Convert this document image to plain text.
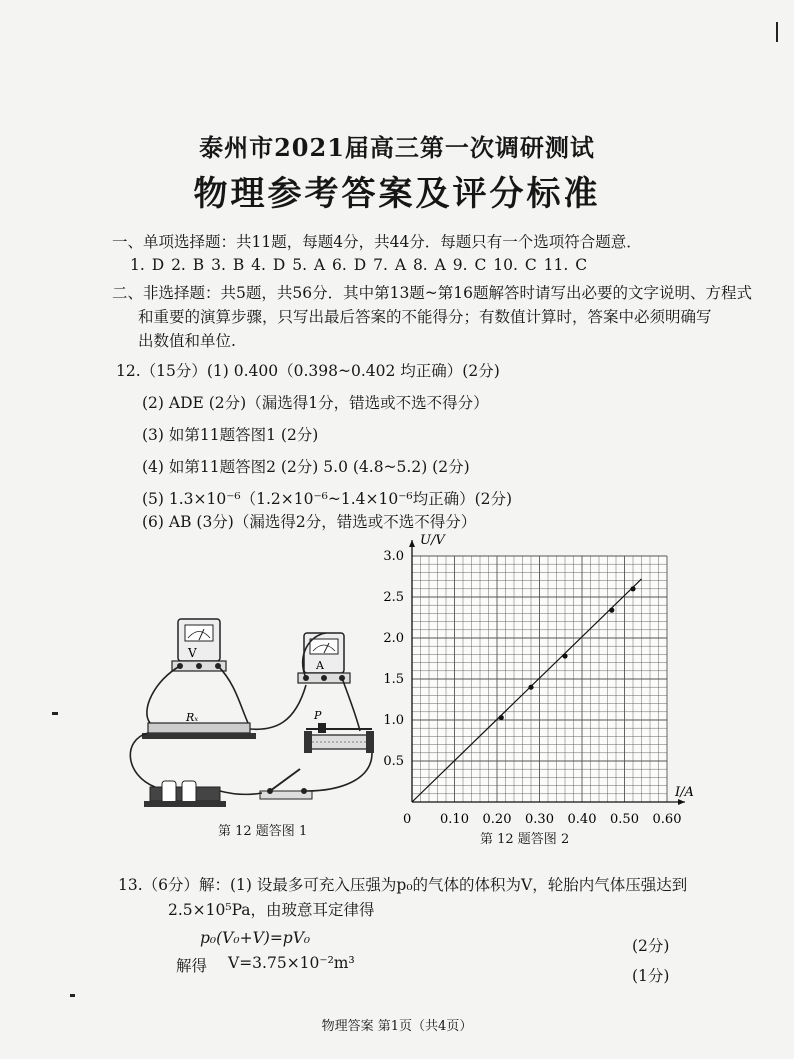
泰州市2021届高三第一次调研测试
物理参考答案及评分标准
一、单项选择题：共11题，每题4分，共44分．每题只有一个选项符合题意．
1. D 2. B 3. B 4. D 5. A 6. D 7. A 8. A 9. C 10. C 11. C
二、非选择题：共5题，共56分．其中第13题~第16题解答时请写出必要的文字说明、方程式
和重要的演算步骤，只写出最后答案的不能得分；有数值计算时，答案中必须明确写
出数值和单位.
12.（15分）(1) 0.400（0.398~0.402 均正确）(2分)
(2) ADE (2分)（漏选得1分，错选或不选不得分）
(3) 如第11题答图1 (2分)
(4) 如第11题答图2 (2分) 5.0 (4.8~5.2) (2分)
(5) 1.3×10⁻⁶（1.2×10⁻⁶~1.4×10⁻⁶均正确）(2分)
(6) AB (3分)（漏选得2分，错选或不选不得分）
V
A
Rₓ	P
第 12 题答图 1
U/V
I/A
0 0.10 0.20 0.30 0.40 0.50 0.60
0.5
1.0
1.5
2.0
2.5
3.0
第 12 题答图 2
13.（6分）解：(1) 设最多可充入压强为p₀的气体的体积为V，轮胎内气体压强达到
2.5×10⁵Pa，由玻意耳定律得
p₀(V₀+V)=pV₀	(2分)
解得 V=3.75×10⁻²m³
(1分)
物理答案 第1页（共4页）
